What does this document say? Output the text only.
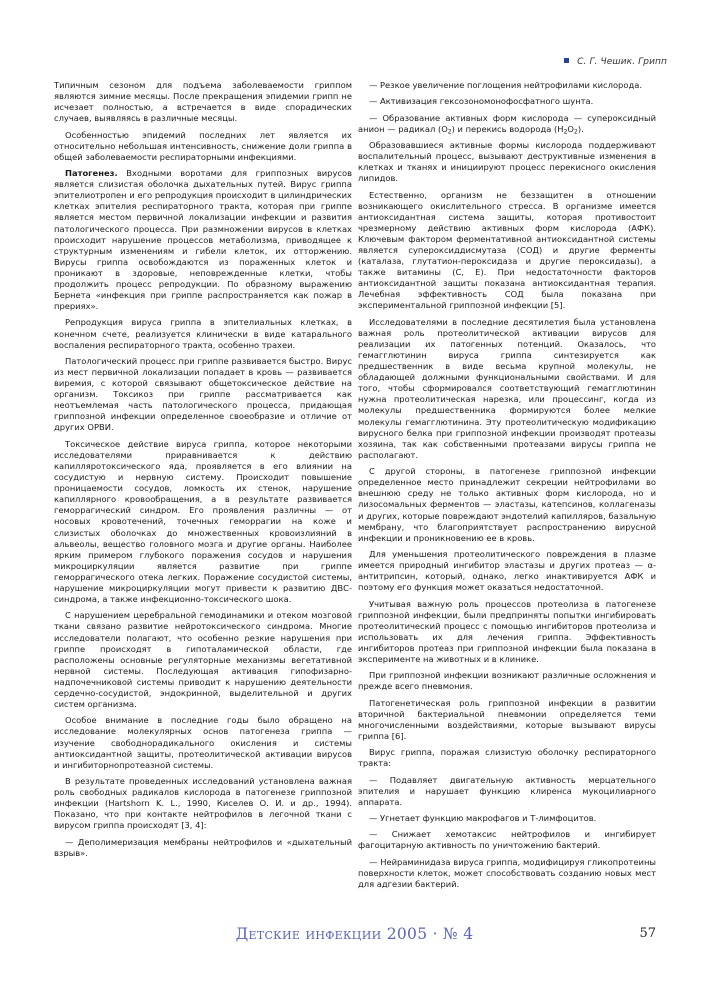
С. Г. Чешик. Грипп

Типичным сезоном для подъема заболеваемости гриппом являются зимние месяцы. После прекращения эпидемии грипп не исчезает полностью, а встречается в виде спорадических случаев, выявляясь в различные месяцы.

Особенностью эпидемий последних лет является их относительно небольшая интенсивность, снижение доли гриппа в общей заболеваемости респираторными инфекциями.

Патогенез. Входными воротами для гриппозных вирусов является слизистая оболочка дыхательных путей. Вирус гриппа эпителиотропен и его репродукция происходит в цилиндрических клетках эпителия респираторного тракта, которая при гриппе является местом первичной локализации инфекции и развития патологического процесса. При размножении вирусов в клетках происходит нарушение процессов метаболизма, приводящее к структурным изменениям и гибели клеток, их отторжению. Вирусы гриппа освобождаются из пораженных клеток и проникают в здоровые, неповрежденные клетки, чтобы продолжить процесс репродукции. По образному выражению Бернета «инфекция при гриппе распространяется как пожар в прериях».

Репродукция вируса гриппа в эпителиальных клетках, в конечном счете, реализуется клинически в виде катарального воспаления респираторного тракта, особенно трахеи.

Патологический процесс при гриппе развивается быстро. Вирус из мест первичной локализации попадает в кровь — развивается виремия, с которой связывают общетоксическое действие на организм. Токсикоз при гриппе рассматривается как неотъемлемая часть патологического процесса, придающая гриппозной инфекции определенное своеобразие и отличие от других ОРВИ.

Токсическое действие вируса гриппа, которое некоторыми исследователями приравнивается к действию капилляротоксического яда, проявляется в его влиянии на сосудистую и нервную систему. Происходит повышение проницаемости сосудов, ломкость их стенок, нарушение капиллярного кровообращения, а в результате развивается геморрагический синдром. Его проявления различны — от носовых кровотечений, точечных геморрагии на коже и слизистых оболочках до множественных кровоизлияний в альвеолы, вещество головного мозга и другие органы. Наиболее ярким примером глубокого поражения сосудов и нарушения микроциркуляции является развитие при гриппе геморрагического отека легких. Поражение сосудистой системы, нарушение микроциркуляции могут привести к развитию ДВС-синдрома, а также инфекционно-токсического шока.

С нарушением церебральной гемодинамики и отеком мозговой ткани связано развитие нейротоксического синдрома. Многие исследователи полагают, что особенно резкие нарушения при гриппе происходят в гипоталамической области, где расположены основные регуляторные механизмы вегетативной нервной системы. Последующая активация гипофизарно-надпочечниковой системы приводит к нарушению деятельности сердечно-сосудистой, эндокринной, выделительной и других систем организма.

Особое внимание в последние годы было обращено на исследование молекулярных основ патогенеза гриппа — изучение свободнорадикального окисления и системы антиоксидантной защиты, протеолитической активации вирусов и ингибиторнопротеазной системы.

В результате проведенных исследований установлена важная роль свободных радикалов кислорода в патогенезе гриппозной инфекции (Hartshorn K. L., 1990, Киселев О. И. и др., 1994). Показано, что при контакте нейтрофилов в легочной ткани с вирусом гриппа происходят [3, 4]:

— Деполимеризация мембраны нейтрофилов и «дыхательный взрыв».

— Резкое увеличение поглощения нейтрофилами кислорода.

— Активизация гексозономонофосфатного шунта.

— Образование активных форм кислорода — супероксидный анион — радикал $(O_2)$ и перекись водорода $(H_2O_2)$.

Образовавшиеся активные формы кислорода поддерживают воспалительный процесс, вызывают деструктивные изменения в клетках и тканях и инициируют процесс перекисного окисления липидов.

Естественно, организм не беззащитен в отношении возникающего окислительного стресса. В организме имеется антиоксидантная система защиты, которая противостоит чрезмерному действию активных форм кислорода (АФК). Ключевым фактором ферментативной антиоксидантной системы является супероксиддисмутаза (СОД) и другие ферменты (каталаза, глутатион-пероксидаза и другие пероксидазы), а также витамины (С, Е). При недостаточности факторов антиоксидантной защиты показана антиоксидантная терапия. Лечебная эффективность СОД была показана при экспериментальной гриппозной инфекции [5].

Исследователями в последние десятилетия была установлена важная роль протеолитической активации вирусов для реализации их патогенных потенций. Оказалось, что гемагглютинин вируса гриппа синтезируется как предшественник в виде весьма крупной молекулы, не обладающей должными функциональными свойствами. И для того, чтобы сформировался соответствующий гемагглютинин нужна протеолитическая нарезка, или процессинг, когда из молекулы предшественника формируются более мелкие молекулы гемагглютинина. Эту протеолитическую модификацию вирусного белка при гриппозной инфекции производят протеазы хозяина, так как собственными протеазами вирусы гриппа не располагают.

С другой стороны, в патогенезе гриппозной инфекции определенное место принадлежит секреции нейтрофилами во внешнюю среду не только активных форм кислорода, но и лизосомальных ферментов — эластазы, катепсинов, коллагеназы и других, которые повреждают эндотелий капилляров, базальную мембрану, что благоприятствует распространению вирусной инфекции и проникновению ее в кровь.

Для уменьшения протеолитического повреждения в плазме имеется природный ингибитор эластазы и других протеаз — α-антитрипсин, который, однако, легко инактивируется АФК и поэтому его функция может оказаться недостаточной.

Учитывая важную роль процессов протеолиза в патогенезе гриппозной инфекции, были предприняты попытки ингибировать протеолитический процесс с помощью ингибиторов протеолиза и использовать их для лечения гриппа. Эффективность ингибиторов протеаз при гриппозной инфекции была показана в эксперименте на животных и в клинике.

При гриппозной инфекции возникают различные осложнения и прежде всего пневмония.

Патогенетическая роль гриппозной инфекции в развитии вторичной бактериальной пневмонии определяется теми многочисленными воздействиями, которые вызывают вирусы гриппа [6].

Вирус гриппа, поражая слизистую оболочку респираторного тракта:

— Подавляет двигательную активность мерцательного эпителия и нарушает функцию клиренса мукоцилиарного аппарата.

— Угнетает функцию макрофагов и Т-лимфоцитов.

— Снижает хемотаксис нейтрофилов и ингибирует фагоцитарную активность по уничтожению бактерий.

— Нейраминидаза вируса гриппа, модифицируя гликопротеины поверхности клеток, может способствовать созданию новых мест для адгезии бактерий.

Детские инфекции 2005 · № 4	57
